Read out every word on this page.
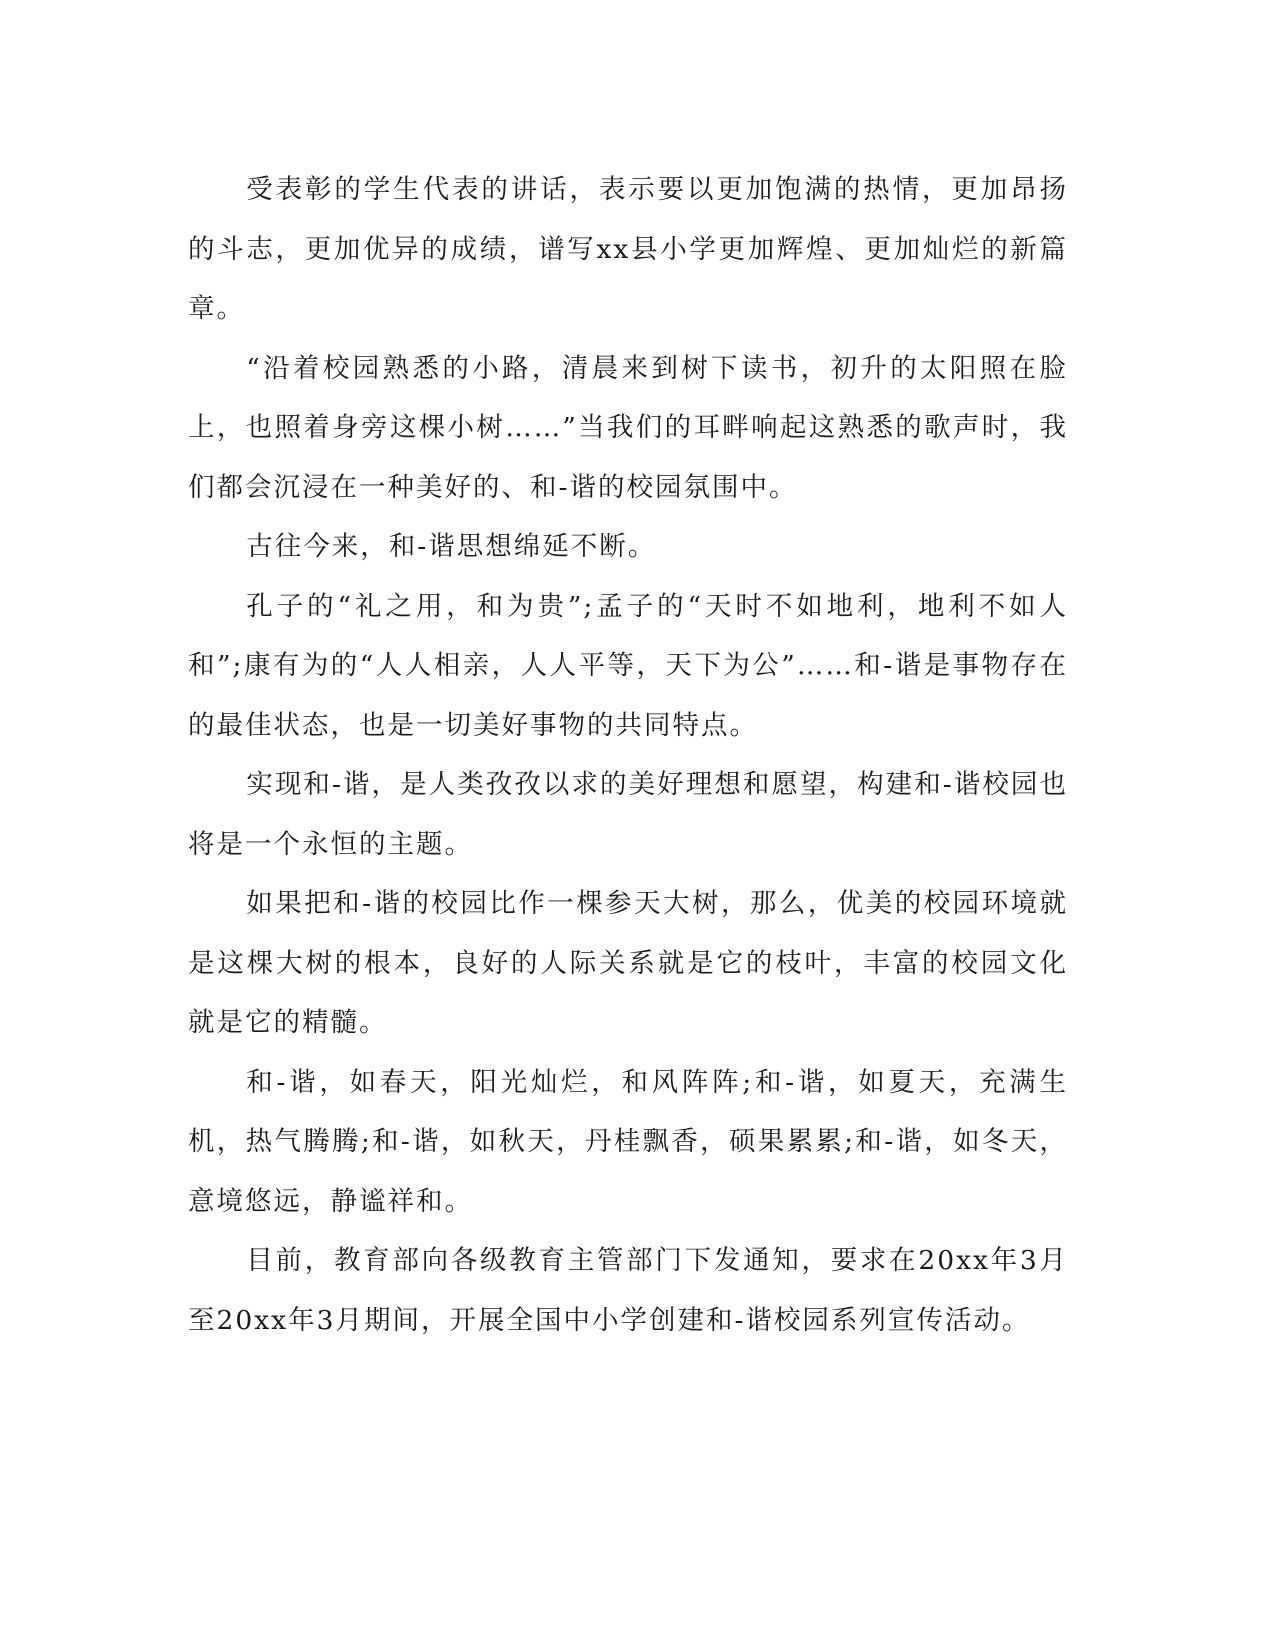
受表彰的学生代表的讲话，表示要以更加饱满的热情，更加昂扬的斗志，更加优异的成绩，谱写xx县小学更加辉煌、更加灿烂的新篇章。

“沿着校园熟悉的小路，清晨来到树下读书，初升的太阳照在脸上，也照着身旁这棵小树……”当我们的耳畔响起这熟悉的歌声时，我们都会沉浸在一种美好的、和-谐的校园氛围中。

古往今来，和-谐思想绵延不断。

孔子的“礼之用，和为贵”;孟子的“天时不如地利，地利不如人和”;康有为的“人人相亲，人人平等，天下为公”……和-谐是事物存在的最佳状态，也是一切美好事物的共同特点。

实现和-谐，是人类孜孜以求的美好理想和愿望，构建和-谐校园也将是一个永恒的主题。

如果把和-谐的校园比作一棵参天大树，那么，优美的校园环境就是这棵大树的根本，良好的人际关系就是它的枝叶，丰富的校园文化就是它的精髓。

和-谐，如春天，阳光灿烂，和风阵阵;和-谐，如夏天，充满生机，热气腾腾;和-谐，如秋天，丹桂飘香，硕果累累;和-谐，如冬天，意境悠远，静谧祥和。

目前，教育部向各级教育主管部门下发通知，要求在20xx年3月至20xx年3月期间，开展全国中小学创建和-谐校园系列宣传活动。
